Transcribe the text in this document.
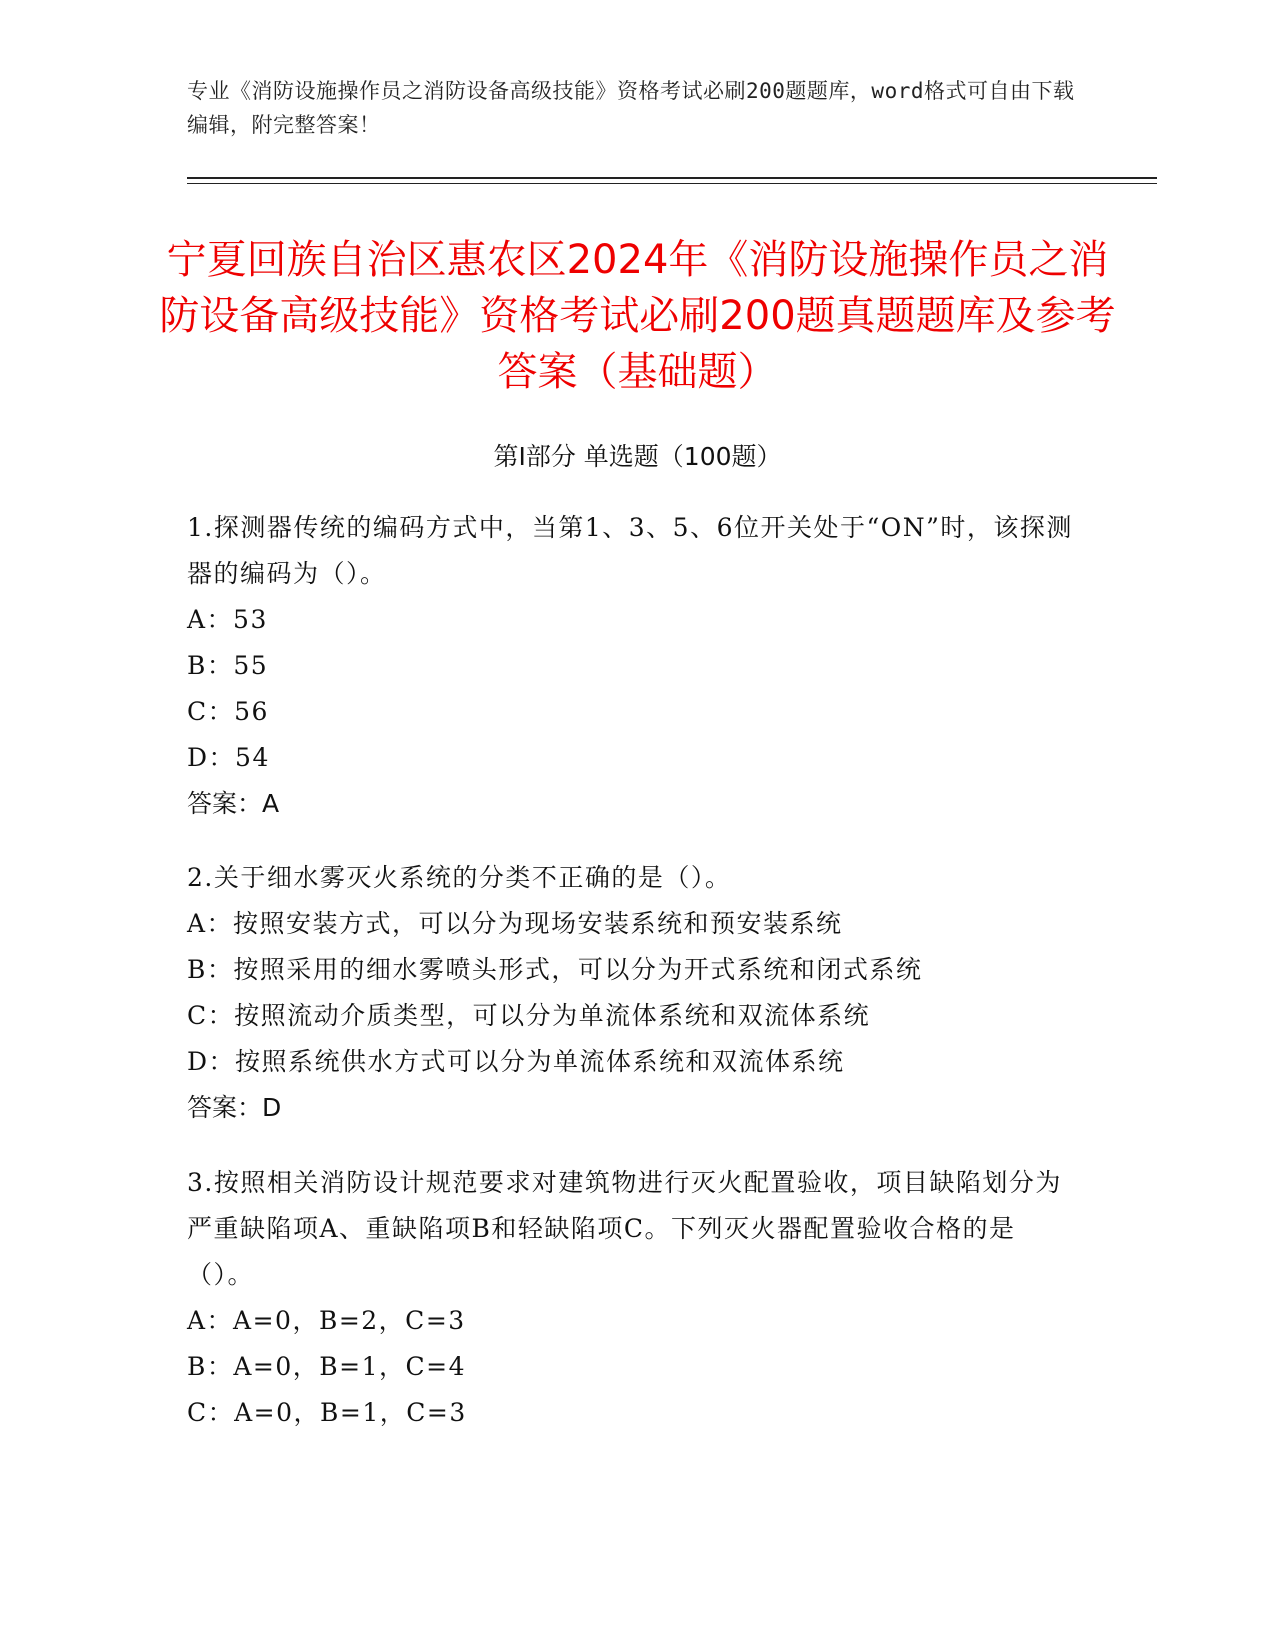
专业《消防设施操作员之消防设备高级技能》资格考试必刷200题题库，word格式可自由下载编辑，附完整答案！
宁夏回族自治区惠农区2024年《消防设施操作员之消防设备高级技能》资格考试必刷200题真题题库及参考答案（基础题）
第I部分 单选题（100题）

1.探测器传统的编码方式中，当第1、3、5、6位开关处于“ON”时，该探测器的编码为（）。

A：53

B：55

C：56

D：54

答案：A

2.关于细水雾灭火系统的分类不正确的是（）。

A：按照安装方式，可以分为现场安装系统和预安装系统

B：按照采用的细水雾喷头形式，可以分为开式系统和闭式系统

C：按照流动介质类型，可以分为单流体系统和双流体系统

D：按照系统供水方式可以分为单流体系统和双流体系统

答案：D

3.按照相关消防设计规范要求对建筑物进行灭火配置验收，项目缺陷划分为严重缺陷项A、重缺陷项B和轻缺陷项C。下列灭火器配置验收合格的是（）。

A：A=0，B=2，C=3

B：A=0，B=1，C=4

C：A=0，B=1，C=3
